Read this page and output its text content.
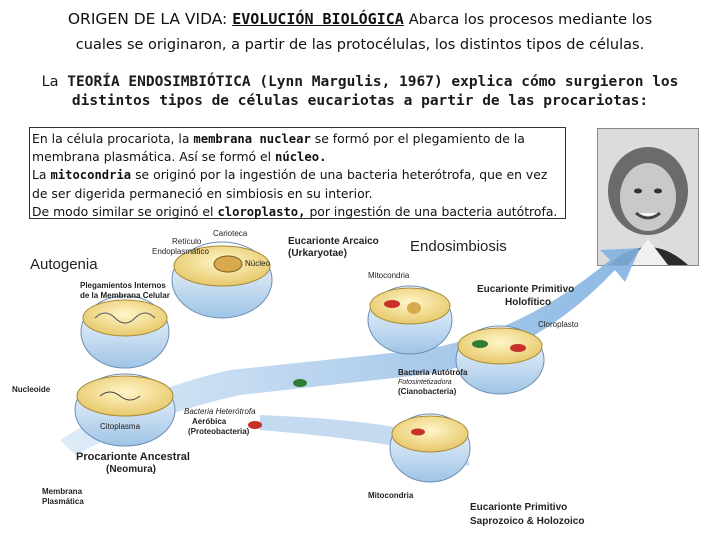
ORIGEN DE LA VIDA: EVOLUCIÓN BIOLÓGICA Abarca los procesos mediante los
cuales se originaron, a partir de las protocélulas, los distintos tipos de células.
La TEORÍA ENDOSIMBIÓTICA (Lynn Margulis, 1967) explica cómo surgieron los
distintos tipos de células eucariotas a partir de las procariotas:
En la célula procariota, la membrana nuclear se formó por el plegamiento de la
membrana plasmática. Así se formó el núcleo.
La mitocondria se originó por la ingestión de una bacteria heterótrofa, que en vez
de ser digerida permaneció en simbiosis en su interior.
De modo similar se originó el cloroplasto, por ingestión de una bacteria autótrofa.
Autogenia
Endosimbiosis
Retículo
Endoplasmático
Carioteca
Núcleo
Eucarionte Arcaico
(Urkaryotae)
Plegamientos Internos
de la Membrana Celular
Mitocondria
Eucarionte Primitivo
Holofítico
Cloroplasto
Nucleoide
Bacteria Autótrofa
Fotosintetizadora
(Cianobacteria)
Bacteria Heterótrofa
Aeróbica
(Proteobacteria)
Citoplasma
Procarionte Ancestral
(Neomura)
Membrana
Plasmática
Mitocondria
Eucarionte Primitivo
Saprozoico & Holozoico
